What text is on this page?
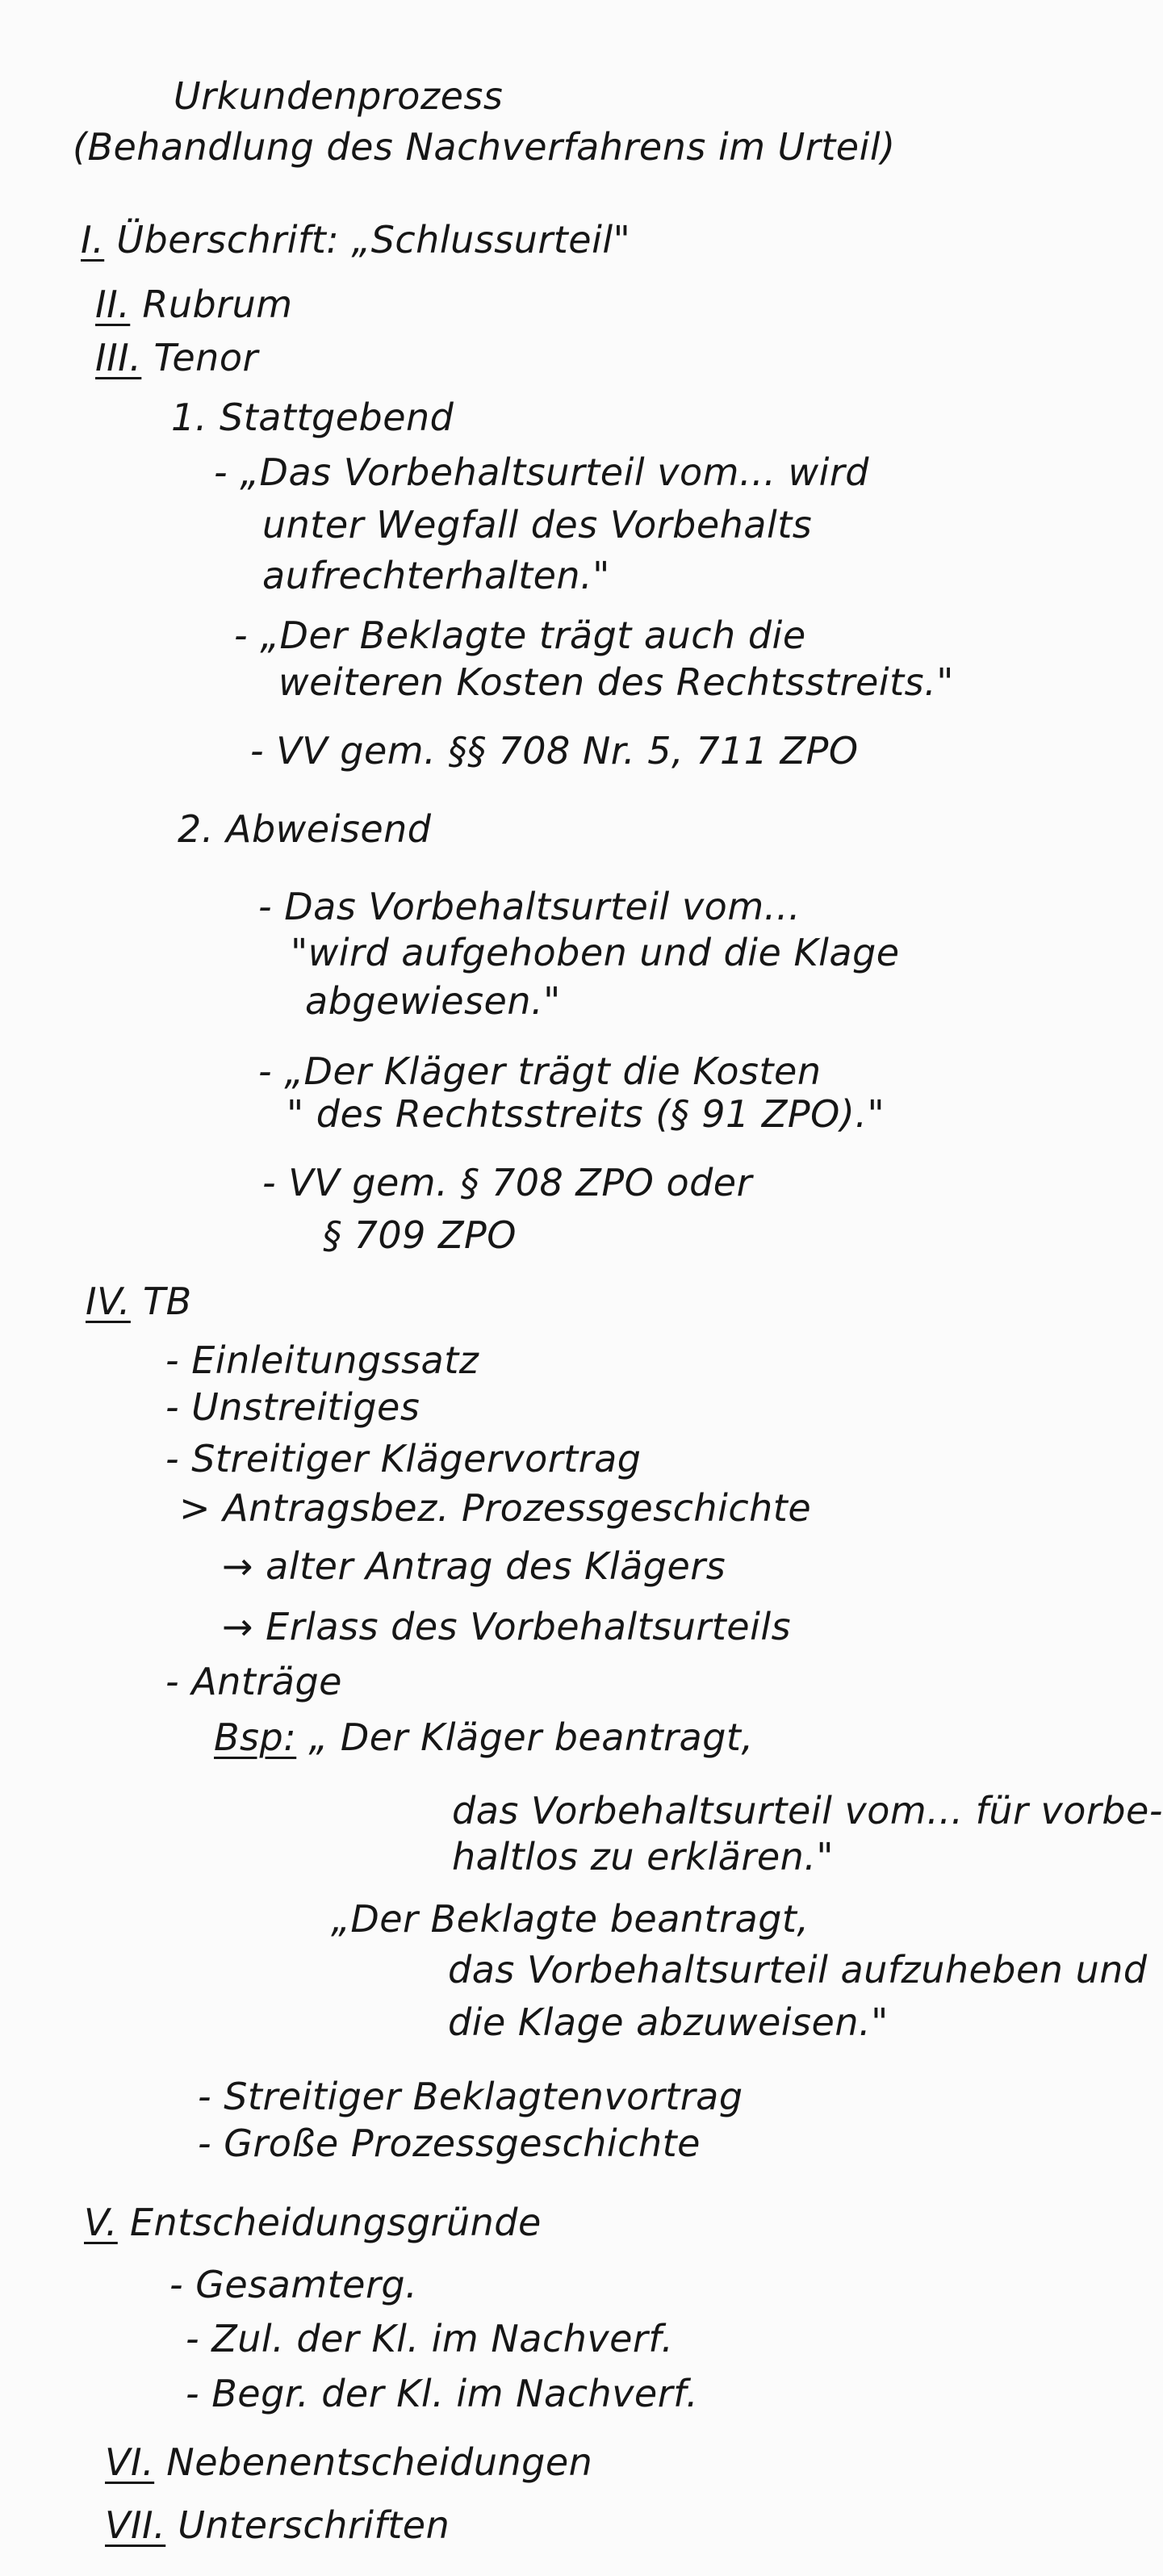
Urkundenprozess
(Behandlung des Nachverfahrens im Urteil)
I. Überschrift: „Schlussurteil"
II. Rubrum
III. Tenor
1. Stattgebend
- „Das Vorbehaltsurteil vom... wird
unter Wegfall des Vorbehalts
aufrechterhalten."
- „Der Beklagte trägt auch die
weiteren Kosten des Rechtsstreits."
- VV gem. §§ 708 Nr. 5, 711 ZPO
2. Abweisend
- Das Vorbehaltsurteil vom...
"wird aufgehoben und die Klage
abgewiesen."
- „Der Kläger trägt die Kosten
" des Rechtsstreits (§ 91 ZPO)."
- VV gem. § 708 ZPO oder
§ 709 ZPO
IV. TB
- Einleitungssatz
- Unstreitiges
- Streitiger Klägervortrag
> Antragsbez. Prozessgeschichte
→ alter Antrag des Klägers
→ Erlass des Vorbehaltsurteils
- Anträge
Bsp: „ Der Kläger beantragt,
das Vorbehaltsurteil vom... für vorbe-
haltlos zu erklären."
„Der Beklagte beantragt,
das Vorbehaltsurteil aufzuheben und
die Klage abzuweisen."
- Streitiger Beklagtenvortrag
- Große Prozessgeschichte
V. Entscheidungsgründe
- Gesamterg.
- Zul. der Kl. im Nachverf.
- Begr. der Kl. im Nachverf.
VI. Nebenentscheidungen
VII. Unterschriften
